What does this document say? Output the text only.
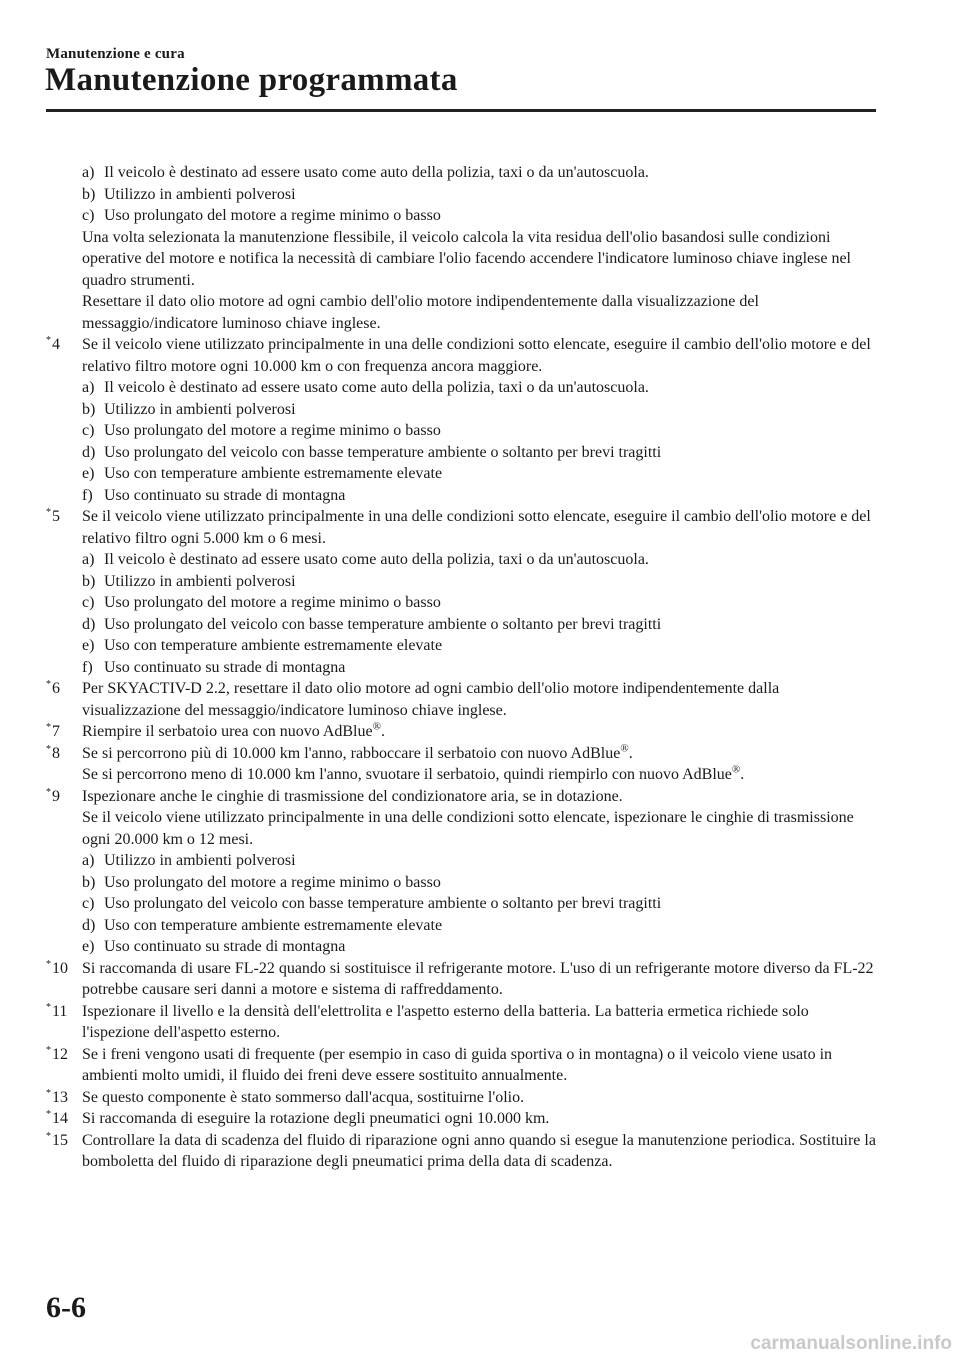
Manutenzione e cura
Manutenzione programmata
a) Il veicolo è destinato ad essere usato come auto della polizia, taxi o da un'autoscuola.
b) Utilizzo in ambienti polverosi
c) Uso prolungato del motore a regime minimo o basso
Una volta selezionata la manutenzione flessibile, il veicolo calcola la vita residua dell'olio basandosi sulle condizioni operative del motore e notifica la necessità di cambiare l'olio facendo accendere l'indicatore luminoso chiave inglese nel quadro strumenti.
Resettare il dato olio motore ad ogni cambio dell'olio motore indipendentemente dalla visualizzazione del messaggio/indicatore luminoso chiave inglese.
*4 Se il veicolo viene utilizzato principalmente in una delle condizioni sotto elencate, eseguire il cambio dell'olio motore e del relativo filtro motore ogni 10.000 km o con frequenza ancora maggiore.
a) Il veicolo è destinato ad essere usato come auto della polizia, taxi o da un'autoscuola.
b) Utilizzo in ambienti polverosi
c) Uso prolungato del motore a regime minimo o basso
d) Uso prolungato del veicolo con basse temperature ambiente o soltanto per brevi tragitti
e) Uso con temperature ambiente estremamente elevate
f) Uso continuato su strade di montagna
*5 Se il veicolo viene utilizzato principalmente in una delle condizioni sotto elencate, eseguire il cambio dell'olio motore e del relativo filtro ogni 5.000 km o 6 mesi.
a) Il veicolo è destinato ad essere usato come auto della polizia, taxi o da un'autoscuola.
b) Utilizzo in ambienti polverosi
c) Uso prolungato del motore a regime minimo o basso
d) Uso prolungato del veicolo con basse temperature ambiente o soltanto per brevi tragitti
e) Uso con temperature ambiente estremamente elevate
f) Uso continuato su strade di montagna
*6 Per SKYACTIV-D 2.2, resettare il dato olio motore ad ogni cambio dell'olio motore indipendentemente dalla visualizzazione del messaggio/indicatore luminoso chiave inglese.
*7 Riempire il serbatoio urea con nuovo AdBlue®.
*8 Se si percorrono più di 10.000 km l'anno, rabboccare il serbatoio con nuovo AdBlue®.
Se si percorrono meno di 10.000 km l'anno, svuotare il serbatoio, quindi riempirlo con nuovo AdBlue®.
*9 Ispezionare anche le cinghie di trasmissione del condizionatore aria, se in dotazione.
Se il veicolo viene utilizzato principalmente in una delle condizioni sotto elencate, ispezionare le cinghie di trasmissione ogni 20.000 km o 12 mesi.
a) Utilizzo in ambienti polverosi
b) Uso prolungato del motore a regime minimo o basso
c) Uso prolungato del veicolo con basse temperature ambiente o soltanto per brevi tragitti
d) Uso con temperature ambiente estremamente elevate
e) Uso continuato su strade di montagna
*10 Si raccomanda di usare FL-22 quando si sostituisce il refrigerante motore. L'uso di un refrigerante motore diverso da FL-22 potrebbe causare seri danni a motore e sistema di raffreddamento.
*11 Ispezionare il livello e la densità dell'elettrolita e l'aspetto esterno della batteria. La batteria ermetica richiede solo l'ispezione dell'aspetto esterno.
*12 Se i freni vengono usati di frequente (per esempio in caso di guida sportiva o in montagna) o il veicolo viene usato in ambienti molto umidi, il fluido dei freni deve essere sostituito annualmente.
*13 Se questo componente è stato sommerso dall'acqua, sostituirne l'olio.
*14 Si raccomanda di eseguire la rotazione degli pneumatici ogni 10.000 km.
*15 Controllare la data di scadenza del fluido di riparazione ogni anno quando si esegue la manutenzione periodica. Sostituire la bomboletta del fluido di riparazione degli pneumatici prima della data di scadenza.
6-6
carmanualsonline.info
